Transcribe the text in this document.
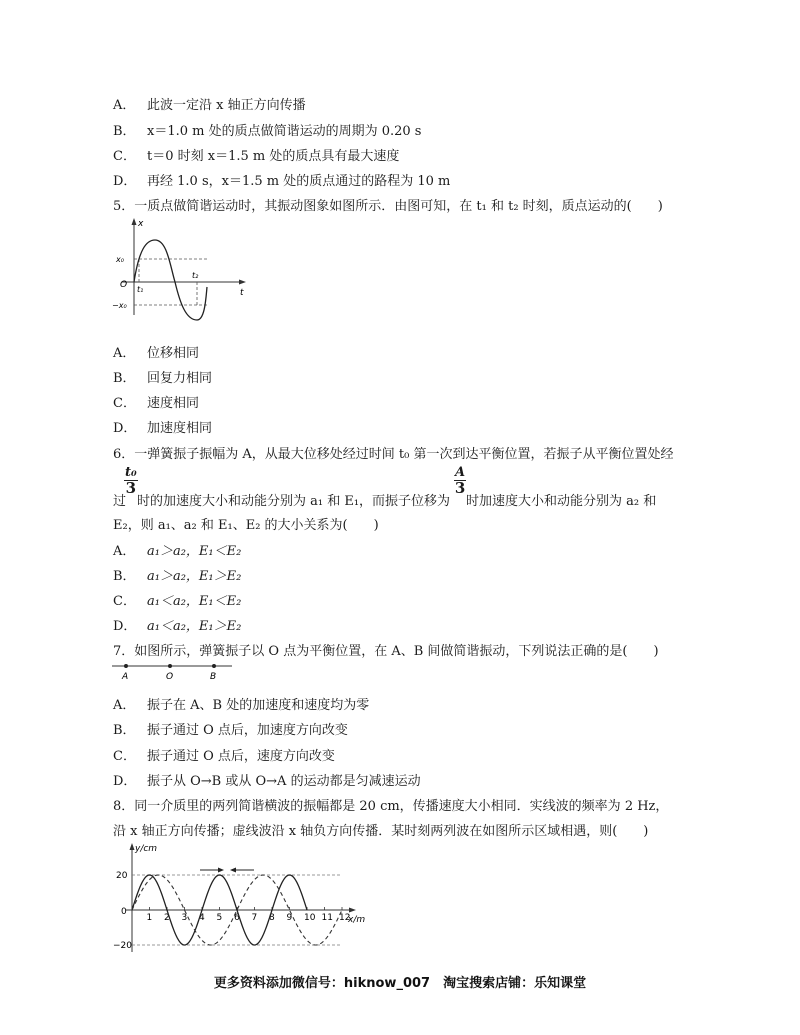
A． 此波一定沿 x 轴正方向传播
B． x＝1.0 m 处的质点做简谐运动的周期为 0.20 s
C． t＝0 时刻 x＝1.5 m 处的质点具有最大速度
D． 再经 1.0 s，x＝1.5 m 处的质点通过的路程为 10 m
5．一质点做简谐运动时，其振动图象如图所示．由图可知，在 t₁ 和 t₂ 时刻，质点运动的(　　)
x
t
O
x₀
−x₀
t₁
t₂
A． 位移相同
B． 回复力相同
C． 速度相同
D． 加速度相同
6．一弹簧振子振幅为 A，从最大位移处经过时间 t₀ 第一次到达平衡位置，若振子从平衡位置处经
$\frac{\text{t₀}}{3}$	$\frac{A}{3}$
过 时的加速度大小和动能分别为 a₁ 和 E₁，而振子位移为 时加速度大小和动能分别为 a₂ 和
E₂，则 a₁、a₂ 和 E₁、E₂ 的大小关系为(　　)
A． a₁＞a₂，E₁＜E₂
B． a₁＞a₂，E₁＞E₂
C． a₁＜a₂，E₁＜E₂
D． a₁＜a₂，E₁＞E₂
7．如图所示，弹簧振子以 O 点为平衡位置，在 A、B 间做简谐振动，下列说法正确的是(　　)
A	O	B
A． 振子在 A、B 处的加速度和速度均为零
B． 振子通过 O 点后，加速度方向改变
C． 振子通过 O 点后，速度方向改变
D． 振子从 O→B 或从 O→A 的运动都是匀减速运动
8．同一介质里的两列简谐横波的振幅都是 20 cm，传播速度大小相同．实线波的频率为 2 Hz，
沿 x 轴正方向传播；虚线波沿 x 轴负方向传播．某时刻两列波在如图所示区域相遇，则(　　)
1 2 3 4 5 6 7 8 9 10 11 12
y/cm
x/m
0
20
−20
更多资料添加微信号：hiknow_007　淘宝搜索店铺：乐知课堂
